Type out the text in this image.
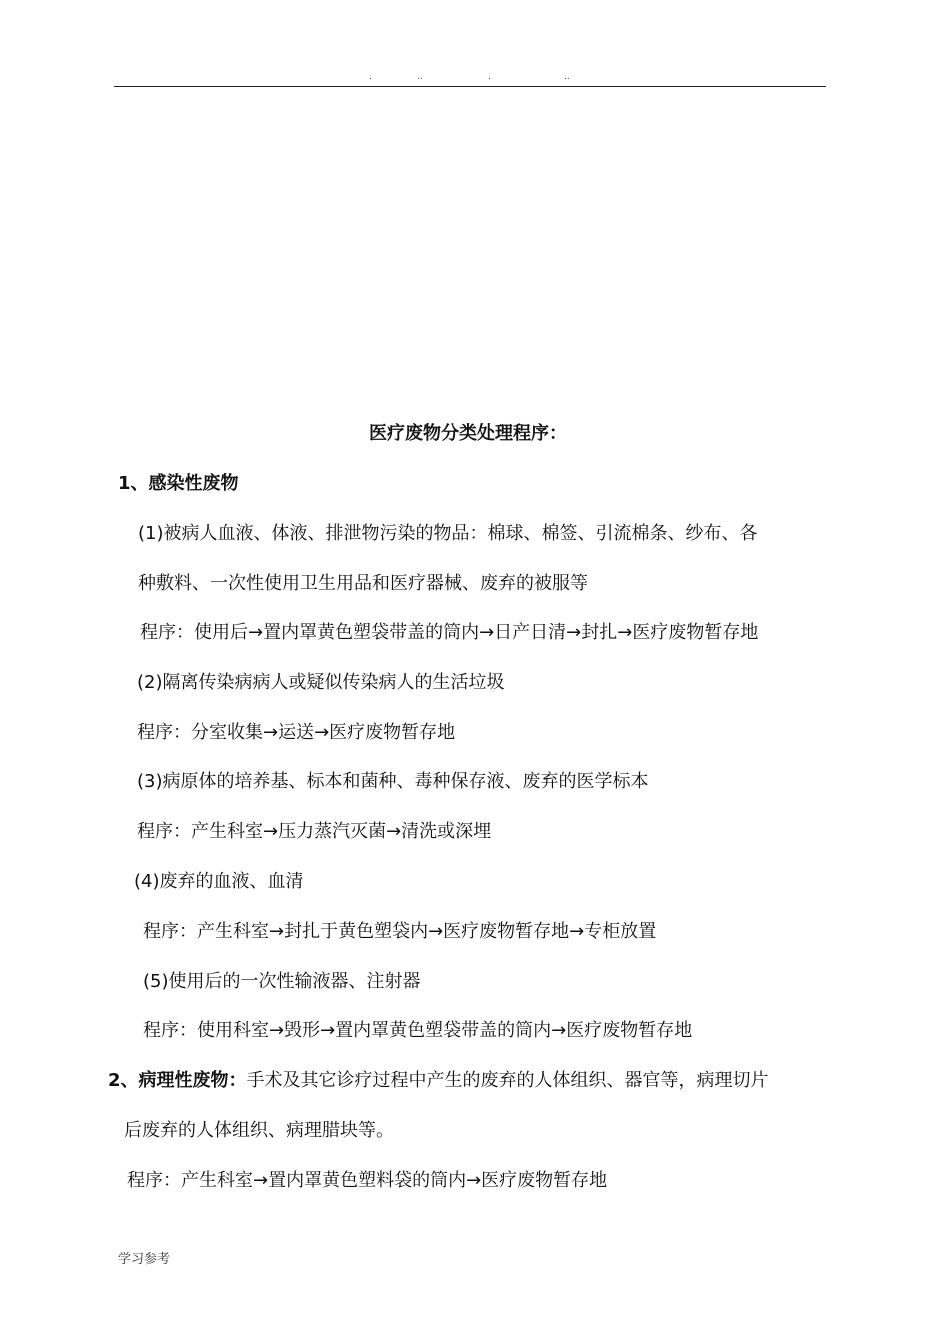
.	..	.	..
医疗废物分类处理程序：
1、感染性废物
(1)被病人血液、体液、排泄物污染的物品：棉球、棉签、引流棉条、纱布、各
种敷料、一次性使用卫生用品和医疗器械、废弃的被服等
程序：使用后→置内罩黄色塑袋带盖的筒内→日产日清→封扎→医疗废物暂存地
(2)隔离传染病病人或疑似传染病人的生活垃圾
程序：分室收集→运送→医疗废物暂存地
(3)病原体的培养基、标本和菌种、毒种保存液、废弃的医学标本
程序：产生科室→压力蒸汽灭菌→清洗或深埋
(4)废弃的血液、血清
程序：产生科室→封扎于黄色塑袋内→医疗废物暂存地→专柜放置
(5)使用后的一次性输液器、注射器
程序：使用科室→毁形→置内罩黄色塑袋带盖的筒内→医疗废物暂存地
2、病理性废物：手术及其它诊疗过程中产生的废弃的人体组织、器官等，病理切片
后废弃的人体组织、病理腊块等。
程序：产生科室→置内罩黄色塑料袋的筒内→医疗废物暂存地
学习参考
